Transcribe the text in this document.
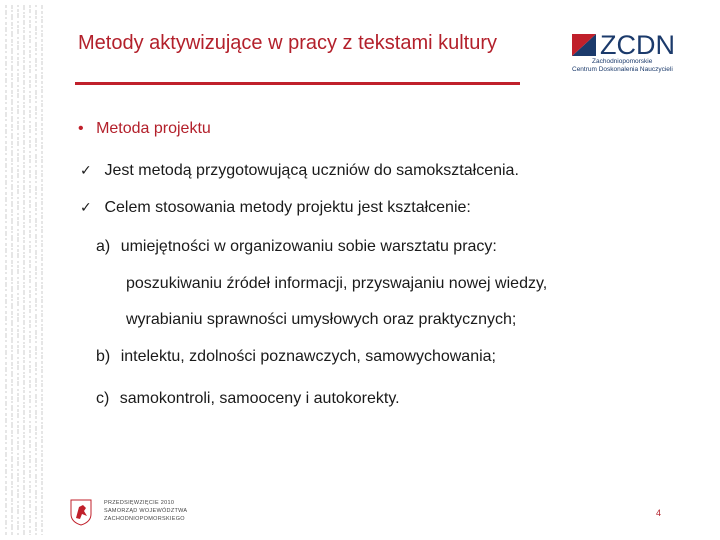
Metody aktywizujące w pracy z tekstami kultury	ZCDN
Zachodniopomorskie
Centrum Doskonalenia Nauczycieli
• Metoda projektu
✓ Jest metodą przygotowującą uczniów do samokształcenia.
✓ Celem stosowania metody projektu jest kształcenie:
a) umiejętności w organizowaniu sobie warsztatu pracy:
poszukiwaniu źródeł informacji, przyswajaniu nowej wiedzy,
wyrabianiu sprawności umysłowych oraz praktycznych;
b) intelektu, zdolności poznawczych, samowychowania;
c) samokontroli, samooceny i autokorekty.
PRZEDSIĘWZIĘCIE 2010
SAMORZĄD WOJEWÓDZTWA
ZACHODNIOPOMORSKIEGO
4
